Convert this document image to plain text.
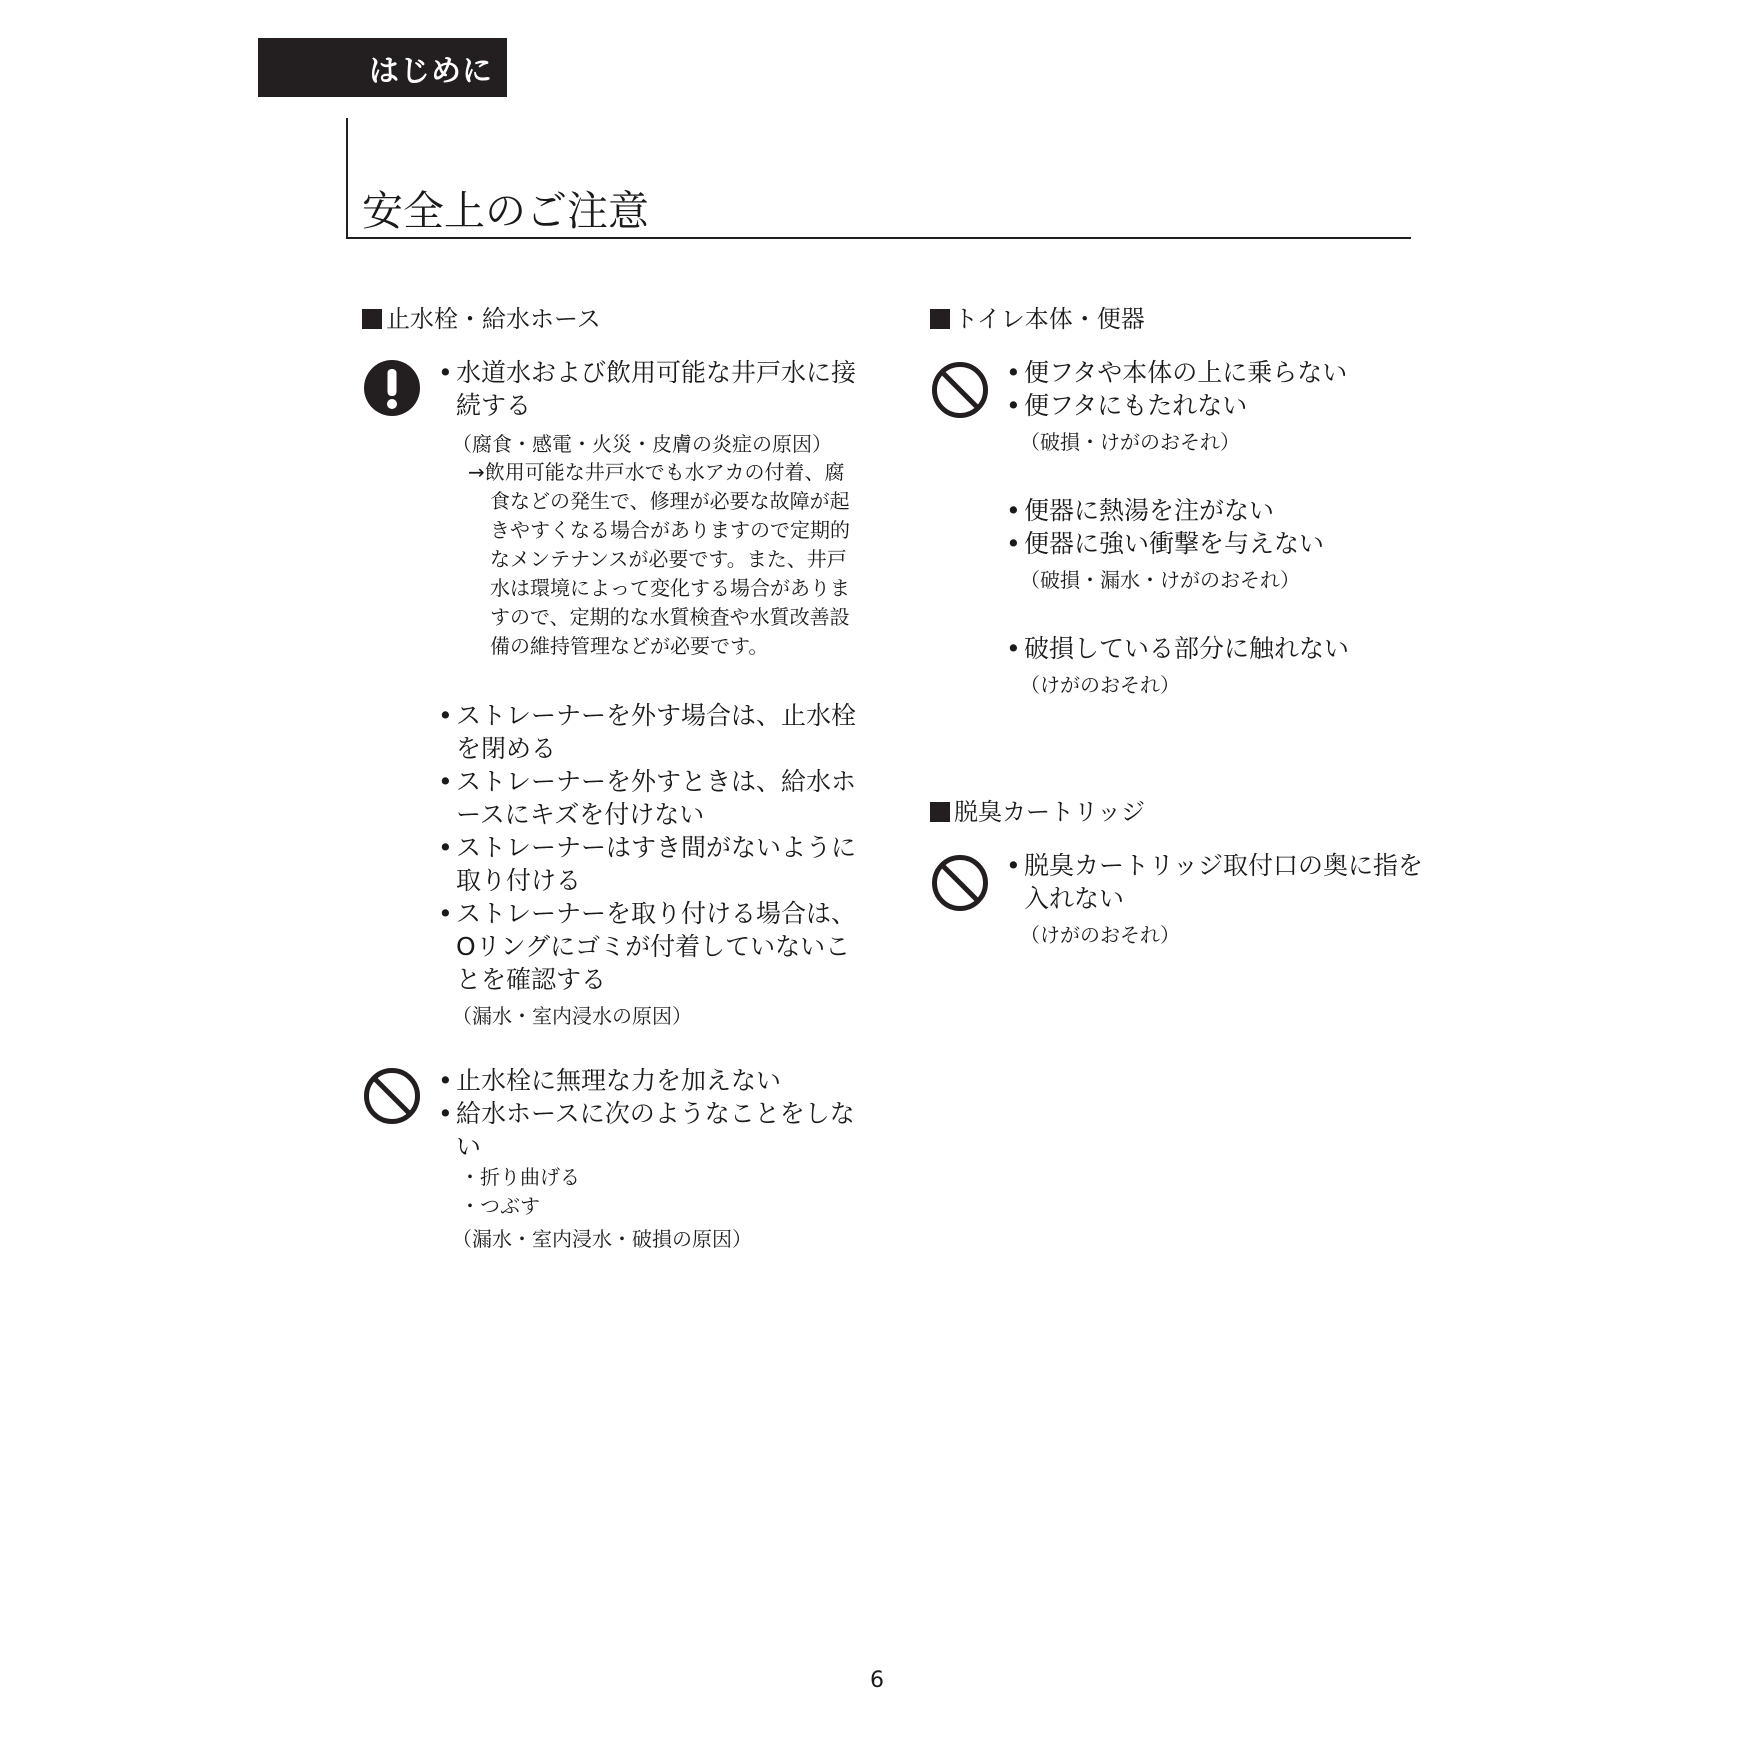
はじめに
安全上のご注意
止水栓・給水ホース
• 水道水および飲用可能な井戸水に接続する
（腐食・感電・火災・皮膚の炎症の原因）
→飲用可能な井戸水でも水アカの付着、腐食などの発生で、修理が必要な故障が起きやすくなる場合がありますので定期的なメンテナンスが必要です。また、井戸水は環境によって変化する場合がありますので、定期的な水質検査や水質改善設備の維持管理などが必要です。
• ストレーナーを外す場合は、止水栓を閉める
• ストレーナーを外すときは、給水ホースにキズを付けない
• ストレーナーはすき間がないように取り付ける
• ストレーナーを取り付ける場合は、Oリングにゴミが付着していないことを確認する
（漏水・室内浸水の原因）
• 止水栓に無理な力を加えない
• 給水ホースに次のようなことをしない
・折り曲げる
・つぶす
（漏水・室内浸水・破損の原因）
トイレ本体・便器
• 便フタや本体の上に乗らない
• 便フタにもたれない
（破損・けがのおそれ）
• 便器に熱湯を注がない
• 便器に強い衝撃を与えない
（破損・漏水・けがのおそれ）
• 破損している部分に触れない
（けがのおそれ）
脱臭カートリッジ
• 脱臭カートリッジ取付口の奥に指を入れない
（けがのおそれ）
6
